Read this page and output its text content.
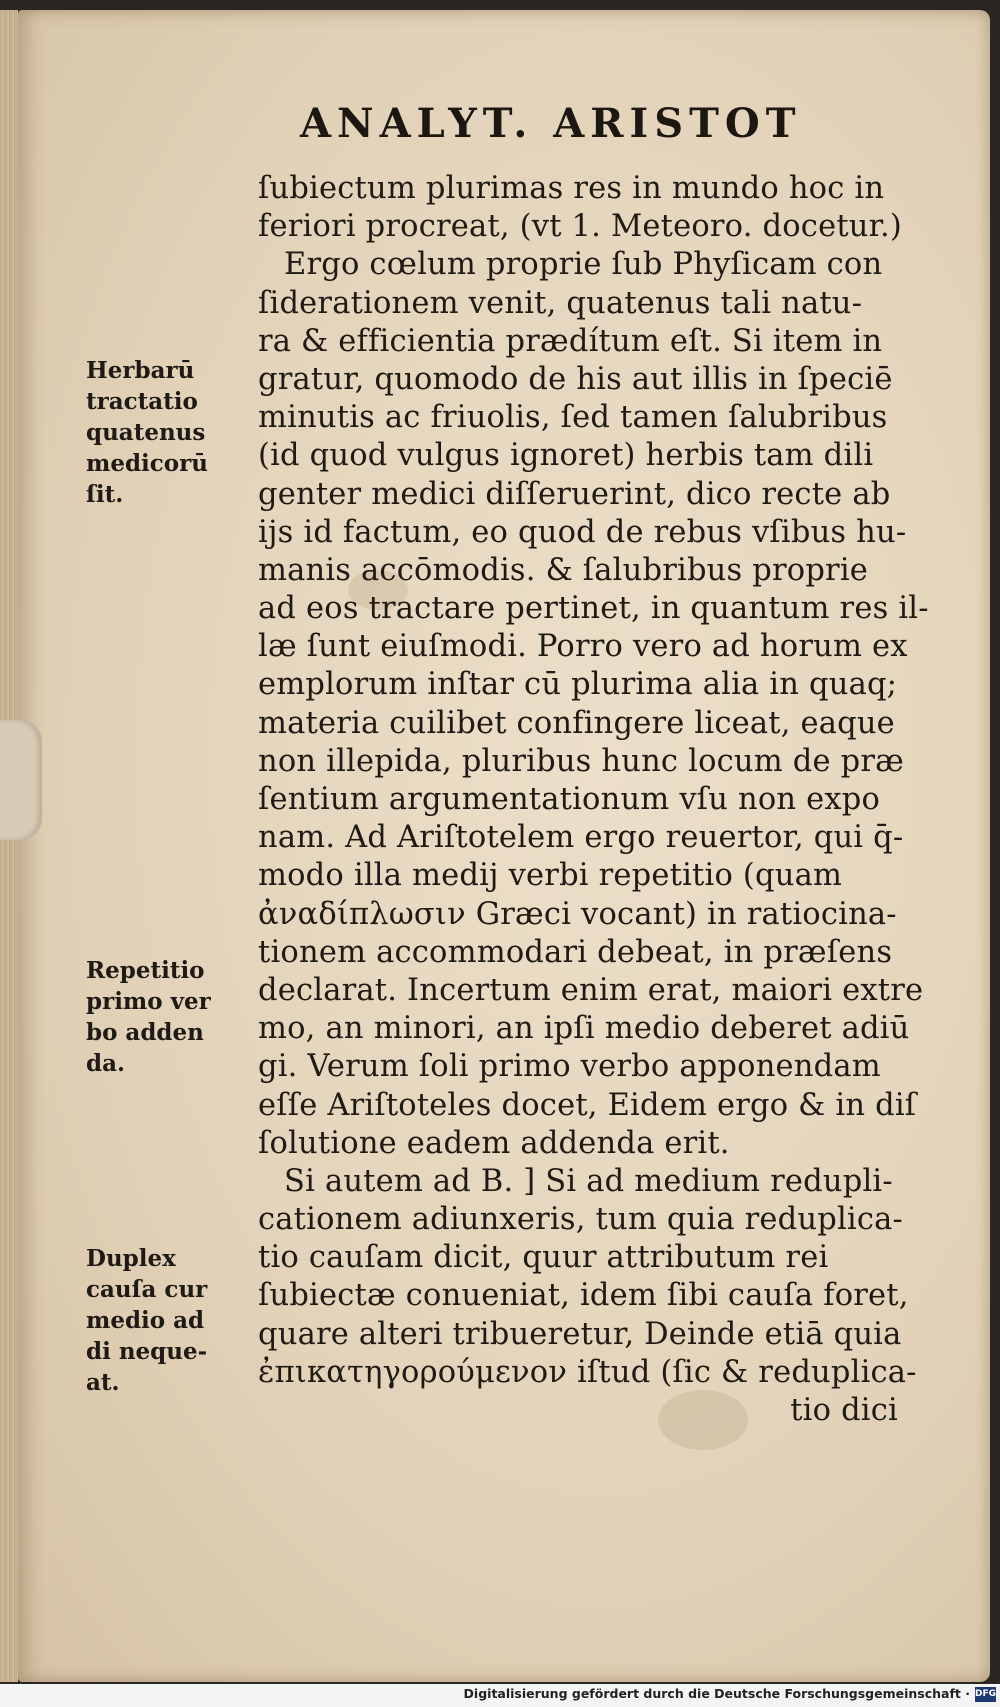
ANALYT. ARISTOT
ſubiectum plurimas res in mundo hoc in
feriori procreat, (vt 1. Meteoro. docetur.)
Ergo cœlum proprie ſub Phyſicam con
ſiderationem venit, quatenus tali natu-
ra & efficientia prædítum eſt. Si item in
gratur, quomodo de his aut illis in ſpeciē
minutis ac friuolis, ſed tamen ſalubribus
(id quod vulgus ignoret) herbis tam dili
genter medici diſſeruerint, dico recte ab
ijs id factum, eo quod de rebus vſibus hu-
manis accōmodis. & ſalubribus proprie
ad eos tractare pertinet, in quantum res il-
læ ſunt eiuſmodi. Porro vero ad horum ex
emplorum inſtar cū plurima alia in quaq;
materia cuilibet confingere liceat, eaque
non illepida, pluribus hunc locum de præ
ſentium argumentationum vſu non expo
nam. Ad Ariſtotelem ergo reuertor, qui q̄-
modo illa medij verbi repetitio (quam
ἀναδίπλωσιν Græci vocant) in ratiocina-
tionem accommodari debeat, in præſens
declarat. Incertum enim erat, maiori extre
mo, an minori, an ipſi medio deberet adiū
gi. Verum ſoli primo verbo apponendam
eſſe Ariſtoteles docet, Eidem ergo & in diſ
ſolutione eadem addenda erit.
Si autem ad B. ] Si ad medium redupli-
cationem adiunxeris, tum quia reduplica-
tio cauſam dicit, quur attributum rei
ſubiectæ conueniat, idem ſibi cauſa foret,
quare alteri tribueretur, Deinde etiā quia
ἐπικατηγορούμενον iſtud (ſic & reduplica-
tio dici
Herbarū
tractatio
quatenus
medicorū
ſit.
Repetitio
primo ver
bo adden
da.
Duplex
cauſa cur
medio ad
di neque-
at.
Digitalisierung gefördert durch die Deutsche Forschungsgemeinschaft · DFG
